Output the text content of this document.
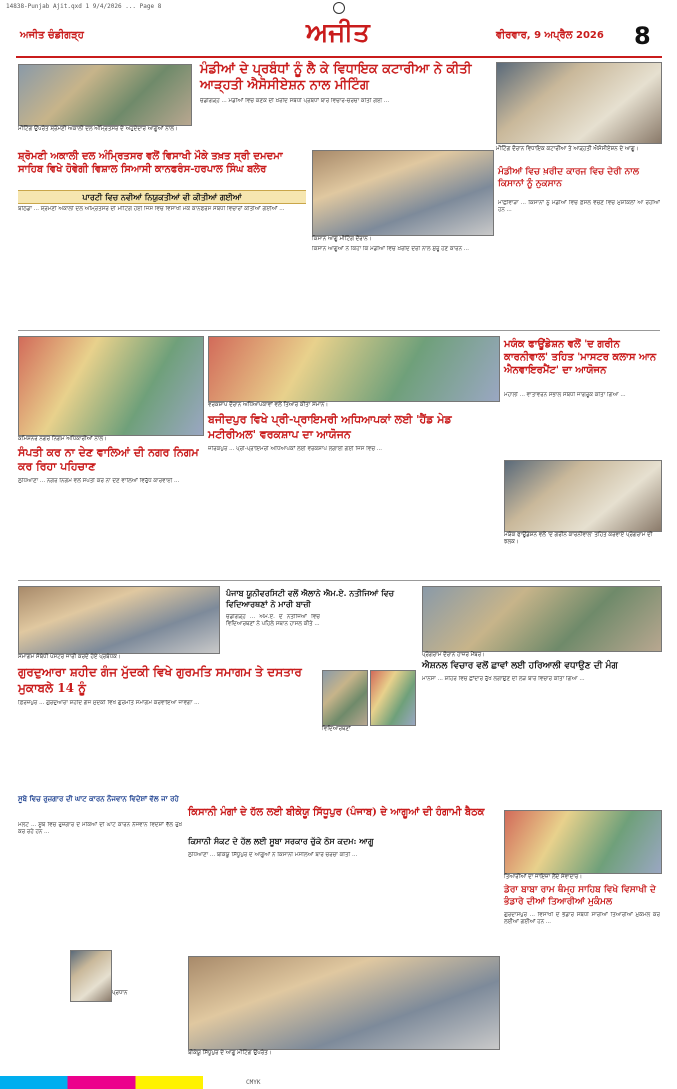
14838-Punjab Ajit.qxd 1 9/4/2026 ... Page 8
ਅਜੀਤ ਚੰਡੀਗੜ੍ਹ	ਅਜੀਤ	ਵੀਰਵਾਰ, 9 ਅਪ੍ਰੈਲ 2026 8
ਮੀਟਿੰਗ ਉਪਰੰਤ ਸ਼੍ਰੋਮਣੀ ਅਕਾਲੀ ਦਲ ਅੰਮ੍ਰਿਤਸਰ ਦੇ ਅਹੁਦੇਦਾਰ ਆਗੂਆਂ ਨਾਲ।
ਮੰਡੀਆਂ ਦੇ ਪ੍ਰਬੰਧਾਂ ਨੂੰ ਲੈ ਕੇ ਵਿਧਾਇਕ ਕਟਾਰੀਆ ਨੇ ਕੀਤੀ ਆੜ੍ਹਤੀ ਐਸੋਸੀਏਸ਼ਨ ਨਾਲ ਮੀਟਿੰਗ
ਚੰਡੀਗੜ੍ਹ ... ਮੰਡੀਆਂ ਵਿਚ ਕਣਕ ਦੀ ਖ਼ਰੀਦ ਸੰਬੰਧੀ ਪ੍ਰਬੰਧਾਂ ਬਾਰੇ ਵਿਚਾਰ-ਚਰਚਾ ਕੀਤੀ ਗਈ ...
ਮੀਟਿੰਗ ਦੌਰਾਨ ਵਿਧਾਇਕ ਕਟਾਰੀਆ ਤੇ ਆੜ੍ਹਤੀ ਐਸੋਸੀਏਸ਼ਨ ਦੇ ਆਗੂ।
ਸ਼੍ਰੋਮਣੀ ਅਕਾਲੀ ਦਲ ਅੰਮ੍ਰਿਤਸਰ ਵਲੋਂ ਵਿਸਾਖੀ ਮੌਕੇ ਤਖ਼ਤ ਸ੍ਰੀ ਦਮਦਮਾ ਸਾਹਿਬ ਵਿਖੇ ਹੋਵੇਗੀ ਵਿਸ਼ਾਲ ਸਿਆਸੀ ਕਾਨਫਰੰਸ-ਹਰਪਾਲ ਸਿੰਘ ਬਲੇਰ
ਪਾਰਟੀ ਵਿਚ ਨਵੀਆਂ ਨਿਯੁਕਤੀਆਂ ਵੀ ਕੀਤੀਆਂ ਗਈਆਂ
ਬਠਿੰਡਾ ... ਸ਼੍ਰੋਮਣੀ ਅਕਾਲੀ ਦਲ ਅੰਮ੍ਰਿਤਸਰ ਦੀ ਮੀਟਿੰਗ ਹੋਈ ਜਿਸ ਵਿਚ ਵਿਸਾਖੀ ਮੌਕੇ ਕਾਨਫਰੰਸ ਸੰਬੰਧੀ ਵਿਚਾਰਾਂ ਕੀਤੀਆਂ ਗਈਆਂ ...
ਕਿਸਾਨ ਆਗੂ ਮੀਟਿੰਗ ਦੌਰਾਨ।
ਕਿਸਾਨ ਆਗੂਆਂ ਨੇ ਕਿਹਾ ਕਿ ਮੰਡੀਆਂ ਵਿਚ ਖ਼ਰੀਦ ਦੇਰੀ ਨਾਲ ਸ਼ੁਰੂ ਹੋਣ ਕਾਰਨ ...
ਮੰਡੀਆਂ ਵਿਚ ਖ਼ਰੀਦ ਕਾਰਜ ਵਿਚ ਦੇਰੀ ਨਾਲ ਕਿਸਾਨਾਂ ਨੂੰ ਨੁਕਸਾਨ
ਮਾਛੀਵਾੜਾ ... ਕਿਸਾਨਾਂ ਨੂੰ ਮੰਡੀਆਂ ਵਿਚ ਫ਼ਸਲ ਵੇਚਣ ਵਿਚ ਮੁਸ਼ਕਿਲਾਂ ਆ ਰਹੀਆਂ ਹਨ ...
ਕਮਿਸ਼ਨਰ ਨਗਰ ਨਿਗਮ ਅਧਿਕਾਰੀਆਂ ਨਾਲ।
ਸੰਪਤੀ ਕਰ ਨਾ ਦੇਣ ਵਾਲਿਆਂ ਦੀ ਨਗਰ ਨਿਗਮ ਕਰ ਰਿਹਾ ਪਹਿਚਾਣ
ਲੁਧਿਆਣਾ ... ਨਗਰ ਨਿਗਮ ਵਲੋਂ ਸੰਪਤੀ ਕਰ ਨਾ ਦੇਣ ਵਾਲਿਆਂ ਵਿਰੁੱਧ ਕਾਰਵਾਈ ...
ਵਰਕਸ਼ਾਪ ਦੌਰਾਨ ਅਧਿਆਪਕਾਵਾਂ ਵਲੋਂ ਤਿਆਰ ਕੀਤਾ ਸਮਾਨ।
ਬਜੀਦਪੁਰ ਵਿਖੇ ਪ੍ਰੀ-ਪ੍ਰਾਇਮਰੀ ਅਧਿਆਪਕਾਂ ਲਈ 'ਹੈਂਡ ਮੇਡ ਮਟੀਰੀਅਲ' ਵਰਕਸ਼ਾਪ ਦਾ ਆਯੋਜਨ
ਜ਼ੀਰਕਪੁਰ ... ਪ੍ਰੀ-ਪ੍ਰਾਇਮਰੀ ਅਧਿਆਪਕਾਂ ਲਈ ਵਰਕਸ਼ਾਪ ਲਗਾਈ ਗਈ ਜਿਸ ਵਿਚ ...
ਮਯੰਕ ਫਾਊਂਡੇਸ਼ਨ ਵਲੋਂ 'ਦ ਗਰੀਨ ਕਾਰਨੀਵਾਲ' ਤਹਿਤ 'ਮਾਸਟਰ ਕਲਾਸ ਆਨ ਐਨਵਾਇਰਮੈਂਟ' ਦਾ ਆਯੋਜਨ
ਮੋਹਾਲੀ ... ਵਾਤਾਵਰਨ ਸੰਭਾਲ ਸੰਬੰਧੀ ਜਾਗਰੂਕ ਕੀਤਾ ਗਿਆ ...
ਮਯੰਕ ਫਾਊਂਡੇਸ਼ਨ ਵਲੋਂ 'ਦ ਗਰੀਨ ਕਾਰਨੀਵਾਲ' ਤਹਿਤ ਕਰਵਾਏ ਪ੍ਰੋਗਰਾਮ ਦੀ ਝਲਕ।
ਸਮਾਗਮ ਸੰਬੰਧੀ ਪੋਸਟਰ ਜਾਰੀ ਕਰਦੇ ਹੋਏ ਪ੍ਰਬੰਧਕ।
ਗੁਰਦੁਆਰਾ ਸ਼ਹੀਦ ਗੰਜ ਮੁੱਦਕੀ ਵਿਖੇ ਗੁਰਮਤਿ ਸਮਾਗਮ ਤੇ ਦਸਤਾਰ ਮੁਕਾਬਲੇ 14 ਨੂੰ
ਫ਼ਿਰੋਜ਼ਪੁਰ ... ਗੁਰਦੁਆਰਾ ਸ਼ਹੀਦ ਗੰਜ ਮੁੱਦਕੀ ਵਿਖੇ ਗੁਰਮਤਿ ਸਮਾਗਮ ਕਰਵਾਇਆ ਜਾਵੇਗਾ ...
ਪੰਜਾਬ ਯੂਨੀਵਰਸਿਟੀ ਵਲੋਂ ਐਲਾਨੇ ਐਮ.ਏ. ਨਤੀਜਿਆਂ ਵਿਚ ਵਿਦਿਆਰਥਣਾਂ ਨੇ ਮਾਰੀ ਬਾਜ਼ੀ
ਚੰਡੀਗੜ੍ਹ ... ਐਮ.ਏ. ਦੇ ਨਤੀਜਿਆਂ ਵਿਚ ਵਿਦਿਆਰਥਣਾਂ ਨੇ ਪਹਿਲੇ ਸਥਾਨ ਹਾਸਲ ਕੀਤੇ ...
ਵਿਦਿਆਰਥਣਾਂ
ਪ੍ਰੋਗਰਾਮ ਦੌਰਾਨ ਹਾਜ਼ਰ ਮੈਂਬਰ।
ਐਸ਼ਨਲ ਵਿਚਾਰ ਵਲੋਂ ਛਾਵਾਂ ਲਈ ਹਰਿਆਲੀ ਵਧਾਉਣ ਦੀ ਮੰਗ
ਮਾਨਸਾ ... ਸ਼ਹਿਰ ਵਿਚ ਛਾਂਦਾਰ ਰੁੱਖ ਲਗਾਉਣ ਦੀ ਲੋੜ ਬਾਰੇ ਵਿਚਾਰ ਕੀਤਾ ਗਿਆ ...
ਸੂਬੇ ਵਿਚ ਰੁਜ਼ਗਾਰ ਦੀ ਘਾਟ ਕਾਰਨ ਨੌਜਵਾਨ ਵਿਦੇਸ਼ਾਂ ਵੱਲ ਜਾ ਰਹੇ
ਮਲੋਟ ... ਸੂਬੇ ਵਿਚ ਰੁਜ਼ਗਾਰ ਦੇ ਮੌਕਿਆਂ ਦੀ ਘਾਟ ਕਾਰਨ ਨੌਜਵਾਨ ਵਿਦੇਸ਼ਾਂ ਵੱਲ ਰੁਖ਼ ਕਰ ਰਹੇ ਹਨ ...
ਪ੍ਰਧਾਨ
ਕਿਸਾਨੀ ਮੰਗਾਂ ਦੇ ਹੱਲ ਲਈ ਬੀਕੇਯੂ ਸਿੱਧੂਪੁਰ (ਪੰਜਾਬ) ਦੇ ਆਗੂਆਂ ਦੀ ਹੰਗਾਮੀ ਬੈਠਕ
ਕਿਸਾਨੀ ਸੰਕਟ ਦੇ ਹੱਲ ਲਈ ਸੂਬਾ ਸਰਕਾਰ ਚੁੱਕੇ ਠੋਸ ਕਦਮ: ਆਗੂ
ਲੁਧਿਆਣਾ ... ਬੀਕੇਯੂ ਸਿੱਧੂਪੁਰ ਦੇ ਆਗੂਆਂ ਨੇ ਕਿਸਾਨੀ ਮਸਲਿਆਂ ਬਾਰੇ ਚਰਚਾ ਕੀਤੀ ...
ਬੀਕੇਯੂ ਸਿੱਧੂਪੁਰ ਦੇ ਆਗੂ ਮੀਟਿੰਗ ਉਪਰੰਤ।
ਤਿਆਰੀਆਂ ਦਾ ਜਾਇਜ਼ਾ ਲੈਂਦੇ ਸੇਵਾਦਾਰ।
ਡੇਰਾ ਬਾਬਾ ਰਾਮ ਥੰਮ੍ਹ ਸਾਹਿਬ ਵਿਖੇ ਵਿਸਾਖੀ ਦੇ ਭੰਡਾਰੇ ਦੀਆਂ ਤਿਆਰੀਆਂ ਮੁਕੰਮਲ
ਗੁਰਦਾਸਪੁਰ ... ਵਿਸਾਖੀ ਦੇ ਭੰਡਾਰੇ ਸੰਬੰਧੀ ਸਾਰੀਆਂ ਤਿਆਰੀਆਂ ਮੁਕੰਮਲ ਕਰ ਲਈਆਂ ਗਈਆਂ ਹਨ ...
CMYK
